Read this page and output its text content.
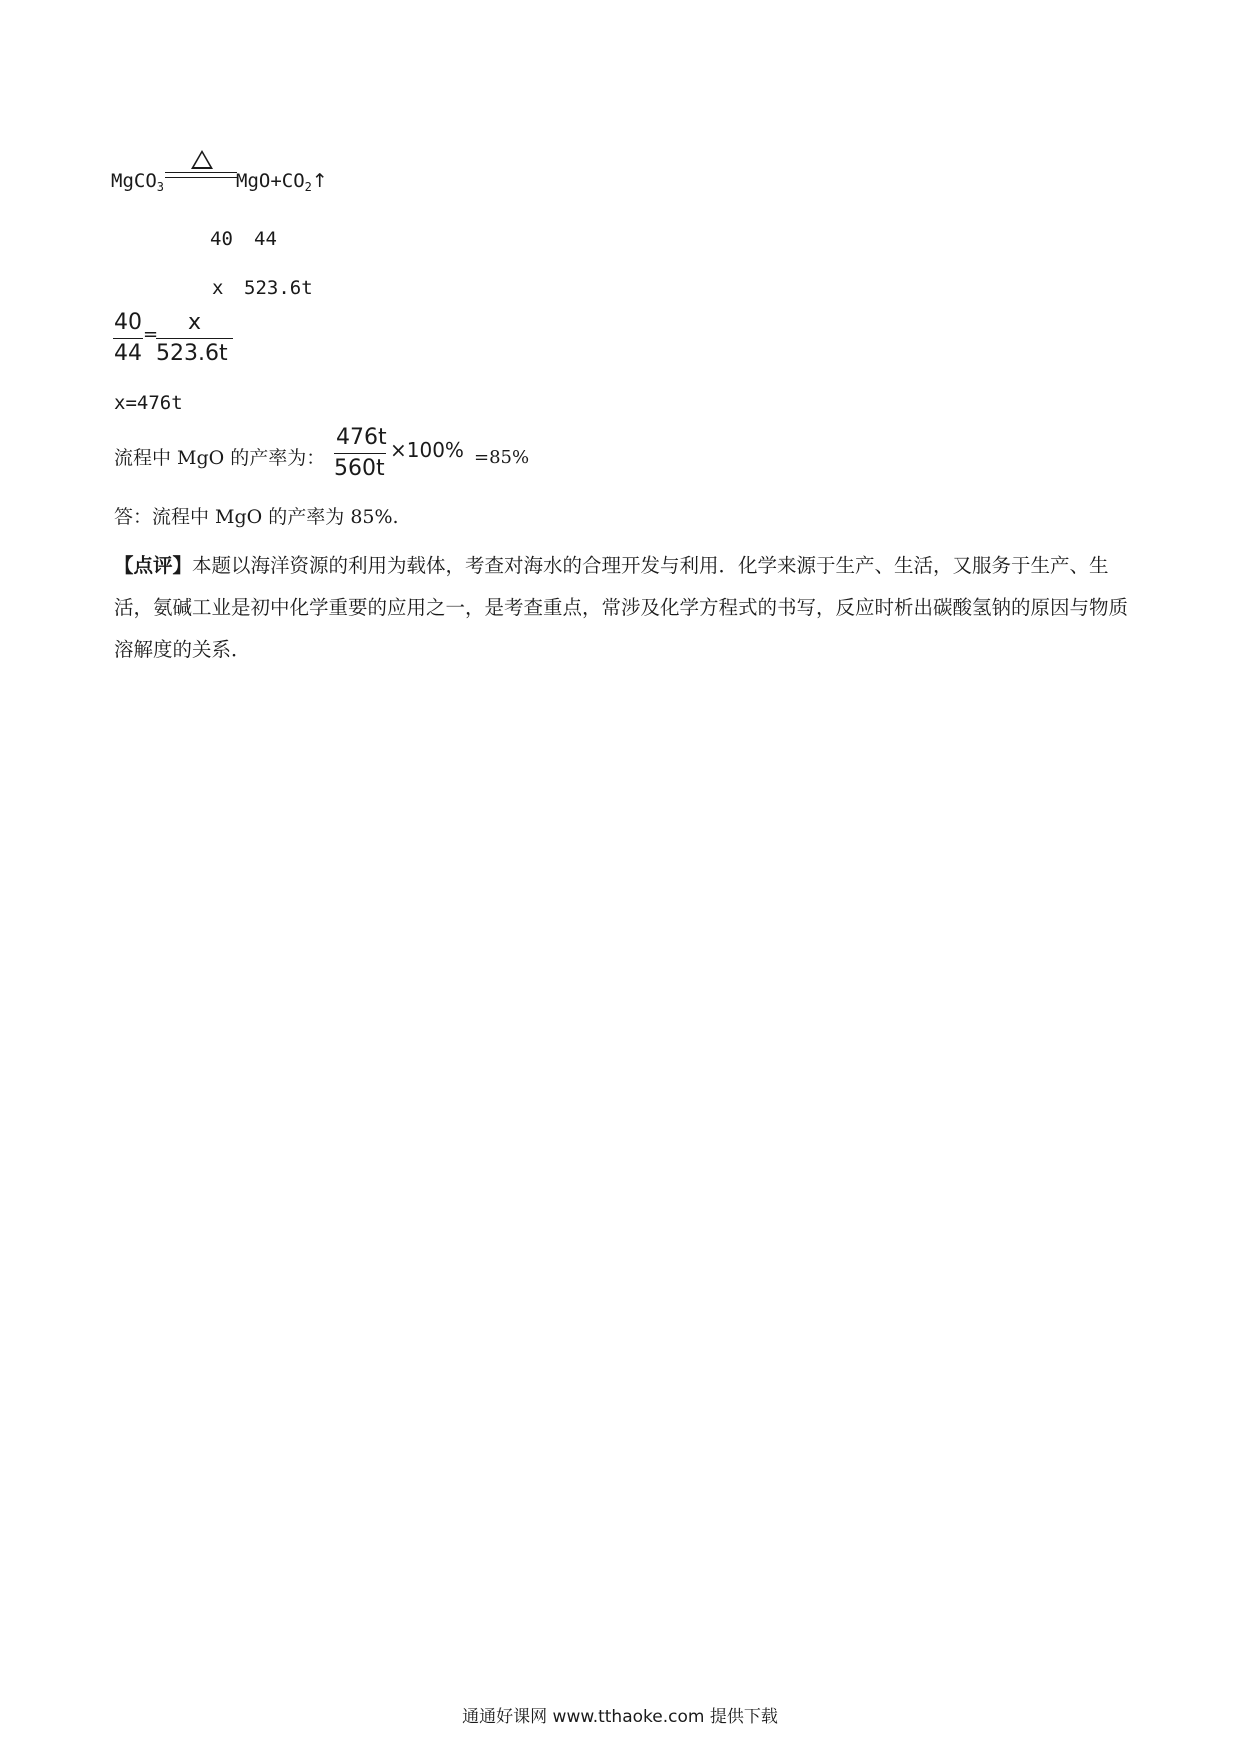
MgCO$_3$	$MgO+CO_2↑$
40 44
x 523.6t
40
44
= x
523.6t
x=476t
流程中 MgO 的产率为：
476t
560t
×100% =85%
答：流程中 MgO 的产率为 85%.
【点评】本题以海洋资源的利用为载体，考查对海水的合理开发与利用．化学来源于生产、生活，又服务于生产、生活，氨碱工业是初中化学重要的应用之一，是考查重点，常涉及化学方程式的书写，反应时析出碳酸氢钠的原因与物质溶解度的关系．
通通好课网 www.tthaoke.com 提供下载
